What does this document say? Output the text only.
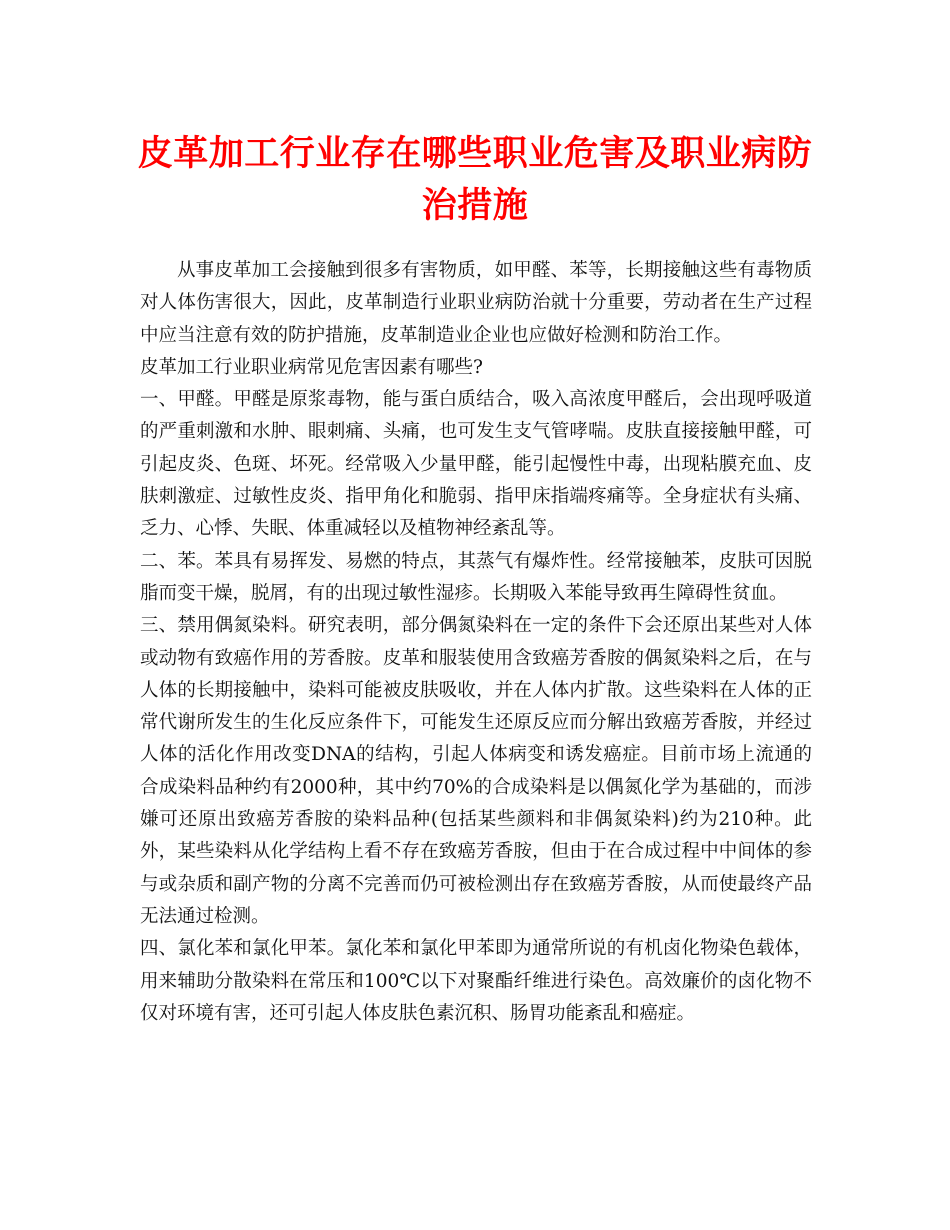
皮革加工行业存在哪些职业危害及职业病防治措施

从事皮革加工会接触到很多有害物质，如甲醛、苯等，长期接触这些有毒物质对人体伤害很大，因此，皮革制造行业职业病防治就十分重要，劳动者在生产过程中应当注意有效的防护措施，皮革制造业企业也应做好检测和防治工作。

皮革加工行业职业病常见危害因素有哪些?

一、甲醛。甲醛是原浆毒物，能与蛋白质结合，吸入高浓度甲醛后，会出现呼吸道的严重刺激和水肿、眼刺痛、头痛，也可发生支气管哮喘。皮肤直接接触甲醛，可引起皮炎、色斑、坏死。经常吸入少量甲醛，能引起慢性中毒，出现粘膜充血、皮肤刺激症、过敏性皮炎、指甲角化和脆弱、指甲床指端疼痛等。全身症状有头痛、乏力、心悸、失眠、体重减轻以及植物神经紊乱等。

二、苯。苯具有易挥发、易燃的特点，其蒸气有爆炸性。经常接触苯，皮肤可因脱脂而变干燥，脱屑，有的出现过敏性湿疹。长期吸入苯能导致再生障碍性贫血。

三、禁用偶氮染料。研究表明，部分偶氮染料在一定的条件下会还原出某些对人体或动物有致癌作用的芳香胺。皮革和服装使用含致癌芳香胺的偶氮染料之后，在与人体的长期接触中，染料可能被皮肤吸收，并在人体内扩散。这些染料在人体的正常代谢所发生的生化反应条件下，可能发生还原反应而分解出致癌芳香胺，并经过人体的活化作用改变DNA的结构，引起人体病变和诱发癌症。目前市场上流通的合成染料品种约有2000种，其中约70%的合成染料是以偶氮化学为基础的，而涉嫌可还原出致癌芳香胺的染料品种(包括某些颜料和非偶氮染料)约为210种。此外，某些染料从化学结构上看不存在致癌芳香胺，但由于在合成过程中中间体的参与或杂质和副产物的分离不完善而仍可被检测出存在致癌芳香胺，从而使最终产品无法通过检测。

四、氯化苯和氯化甲苯。氯化苯和氯化甲苯即为通常所说的有机卤化物染色载体，用来辅助分散染料在常压和100℃以下对聚酯纤维进行染色。高效廉价的卤化物不仅对环境有害，还可引起人体皮肤色素沉积、肠胃功能紊乱和癌症。
